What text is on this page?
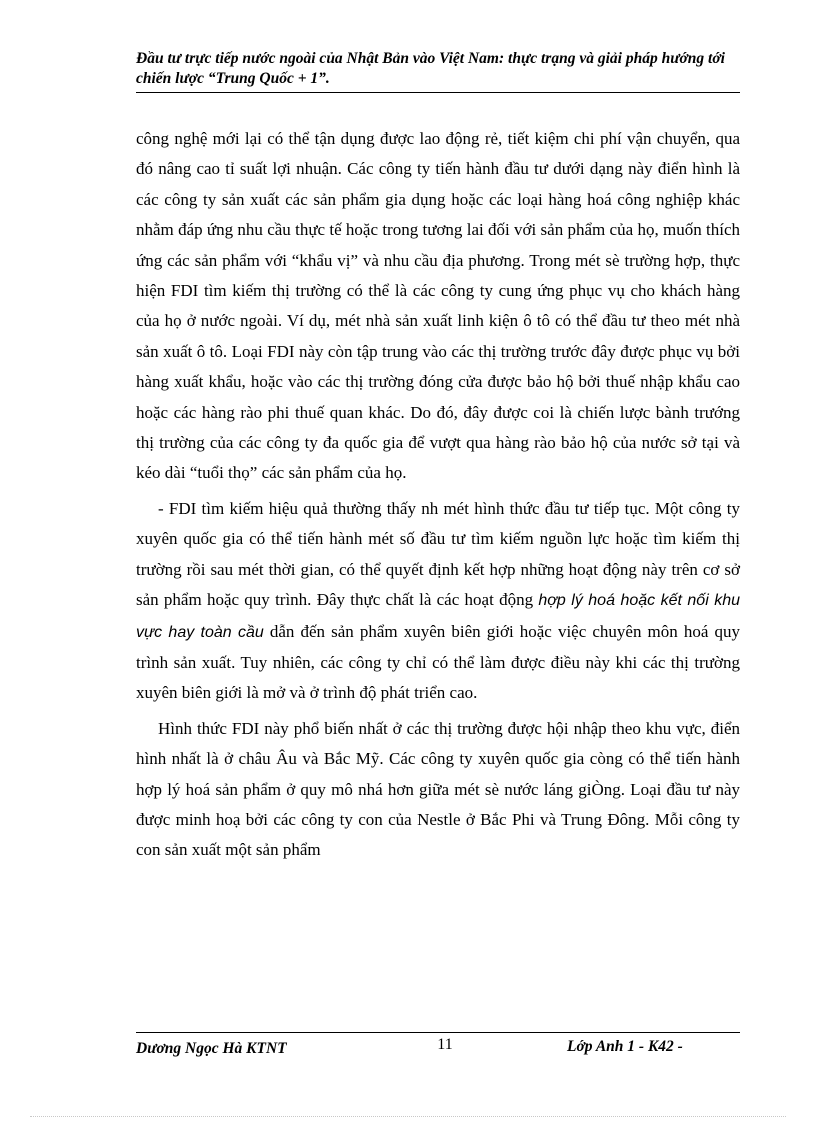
Đầu tư trực tiếp nước ngoài của Nhật Bản vào Việt Nam: thực trạng và giải pháp hướng tới chiến lược “Trung Quốc + 1”.

công nghệ mới lại có thể tận dụng được lao động rẻ, tiết kiệm chi phí vận chuyển, qua đó nâng cao tỉ suất lợi nhuận. Các công ty tiến hành đầu tư dưới dạng này điển hình là các công ty sản xuất các sản phẩm gia dụng hoặc các loại hàng hoá công nghiệp khác nhằm đáp ứng nhu cầu thực tế hoặc trong tương lai đối với sản phẩm của họ, muốn thích ứng các sản phẩm với “khẩu vị” và nhu cầu địa phương. Trong mét sè trường hợp, thực hiện FDI tìm kiếm thị trường có thể là các công ty cung ứng phục vụ cho khách hàng của họ ở nước ngoài. Ví dụ, mét nhà sản xuất linh kiện ô tô có thể đầu tư theo mét nhà sản xuất ô tô. Loại FDI này còn tập trung vào các thị trường trước đây được phục vụ bởi hàng xuất khẩu, hoặc vào các thị trường đóng cửa được bảo hộ bởi thuế nhập khẩu cao hoặc các hàng rào phi thuế quan khác. Do đó, đây được coi là chiến lược bành trướng thị trường của các công ty đa quốc gia để vượt qua hàng rào bảo hộ của nước sở tại và kéo dài “tuổi thọ” các sản phẩm của họ.

- FDI tìm kiếm hiệu quả thường thấy nh mét hình thức đầu tư tiếp tục. Một công ty xuyên quốc gia có thể tiến hành mét số đầu tư tìm kiếm nguồn lực hoặc tìm kiếm thị trường rồi sau mét thời gian, có thể quyết định kết hợp những hoạt động này trên cơ sở sản phẩm hoặc quy trình. Đây thực chất là các hoạt động hợp lý hoá hoặc kết nối khu vực hay toàn cầu dẫn đến sản phẩm xuyên biên giới hoặc việc chuyên môn hoá quy trình sản xuất. Tuy nhiên, các công ty chỉ có thể làm được điều này khi các thị trường xuyên biên giới là mở và ở trình độ phát triển cao.

Hình thức FDI này phổ biến nhất ở các thị trường được hội nhập theo khu vực, điển hình nhất là ở châu Âu và Bắc Mỹ. Các công ty xuyên quốc gia còng có thể tiến hành hợp lý hoá sản phẩm ở quy mô nhá hơn giữa mét sè nước láng giÒng. Loại đầu tư này được minh hoạ bởi các công ty con của Nestle ở Bắc Phi và Trung Đông. Mỗi công ty con sản xuất một sản phẩm

Dương Ngọc Hà KTNT	11	Lớp Anh 1 - K42 -
